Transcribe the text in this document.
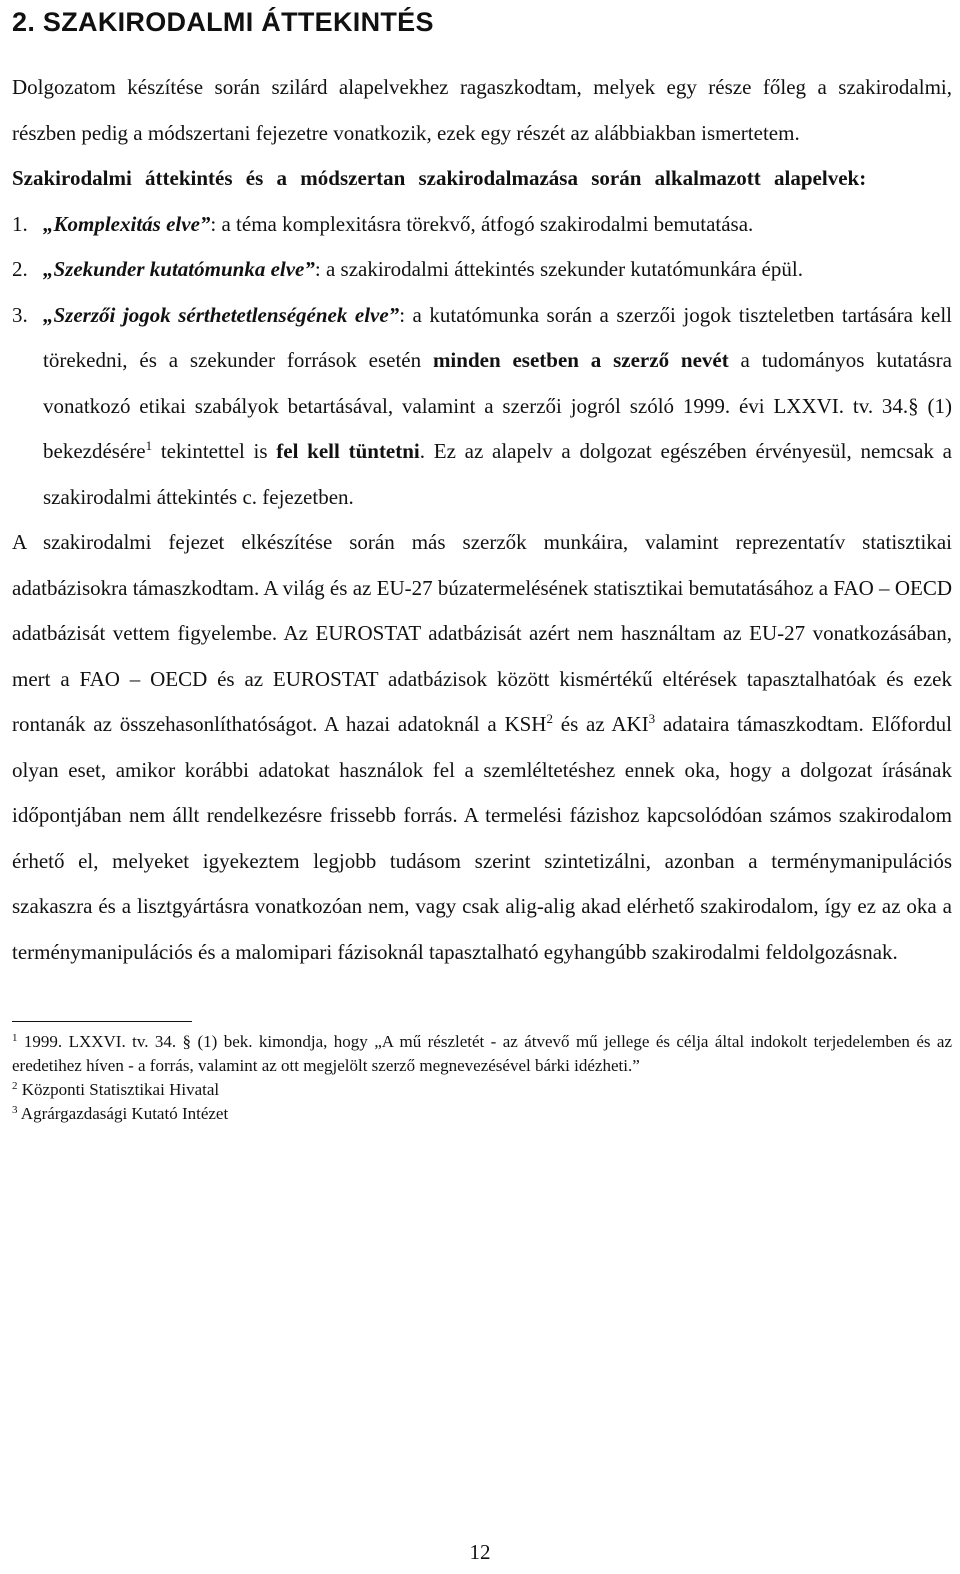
2. SZAKIRODALMI ÁTTEKINTÉS

Dolgozatom készítése során szilárd alapelvekhez ragaszkodtam, melyek egy része főleg a szakirodalmi, részben pedig a módszertani fejezetre vonatkozik, ezek egy részét az alábbiakban ismertetem.

Szakirodalmi áttekintés és a módszertan szakirodalmazása során alkalmazott alapelvek:

1. „Komplexitás elve”: a téma komplexitásra törekvő, átfogó szakirodalmi bemutatása.
2. „Szekunder kutatómunka elve”: a szakirodalmi áttekintés szekunder kutatómunkára épül.
3. „Szerzői jogok sérthetetlenségének elve”: a kutatómunka során a szerzői jogok tiszteletben tartására kell törekedni, és a szekunder források esetén minden esetben a szerző nevét a tudományos kutatásra vonatkozó etikai szabályok betartásával, valamint a szerzői jogról szóló 1999. évi LXXVI. tv. 34.§ (1) bekezdésére$^1$ tekintettel is fel kell tüntetni. Ez az alapelv a dolgozat egészében érvényesül, nemcsak a szakirodalmi áttekintés c. fejezetben.

A szakirodalmi fejezet elkészítése során más szerzők munkáira, valamint reprezentatív statisztikai adatbázisokra támaszkodtam. A világ és az EU-27 búzatermelésének statisztikai bemutatásához a FAO – OECD adatbázisát vettem figyelembe. Az EUROSTAT adatbázisát azért nem használtam az EU-27 vonatkozásában, mert a FAO – OECD és az EUROSTAT adatbázisok között kismértékű eltérések tapasztalhatóak és ezek rontanák az összehasonlíthatóságot. A hazai adatoknál a KSH$^2$ és az AKI$^3$ adataira támaszkodtam. Előfordul olyan eset, amikor korábbi adatokat használok fel a szemléltetéshez ennek oka, hogy a dolgozat írásának időpontjában nem állt rendelkezésre frissebb forrás. A termelési fázishoz kapcsolódóan számos szakirodalom érhető el, melyeket igyekeztem legjobb tudásom szerint szintetizálni, azonban a terménymanipulációs szakaszra és a lisztgyártásra vonatkozóan nem, vagy csak alig-alig akad elérhető szakirodalom, így ez az oka a terménymanipulációs és a malomipari fázisoknál tapasztalható egyhangúbb szakirodalmi feldolgozásnak.

$^1$ 1999. LXXVI. tv. 34. § (1) bek. kimondja, hogy „A mű részletét - az átvevő mű jellege és célja által indokolt terjedelemben és az eredetihez híven - a forrás, valamint az ott megjelölt szerző megnevezésével bárki idézheti.”

$^2$ Központi Statisztikai Hivatal

$^3$ Agrárgazdasági Kutató Intézet

12
